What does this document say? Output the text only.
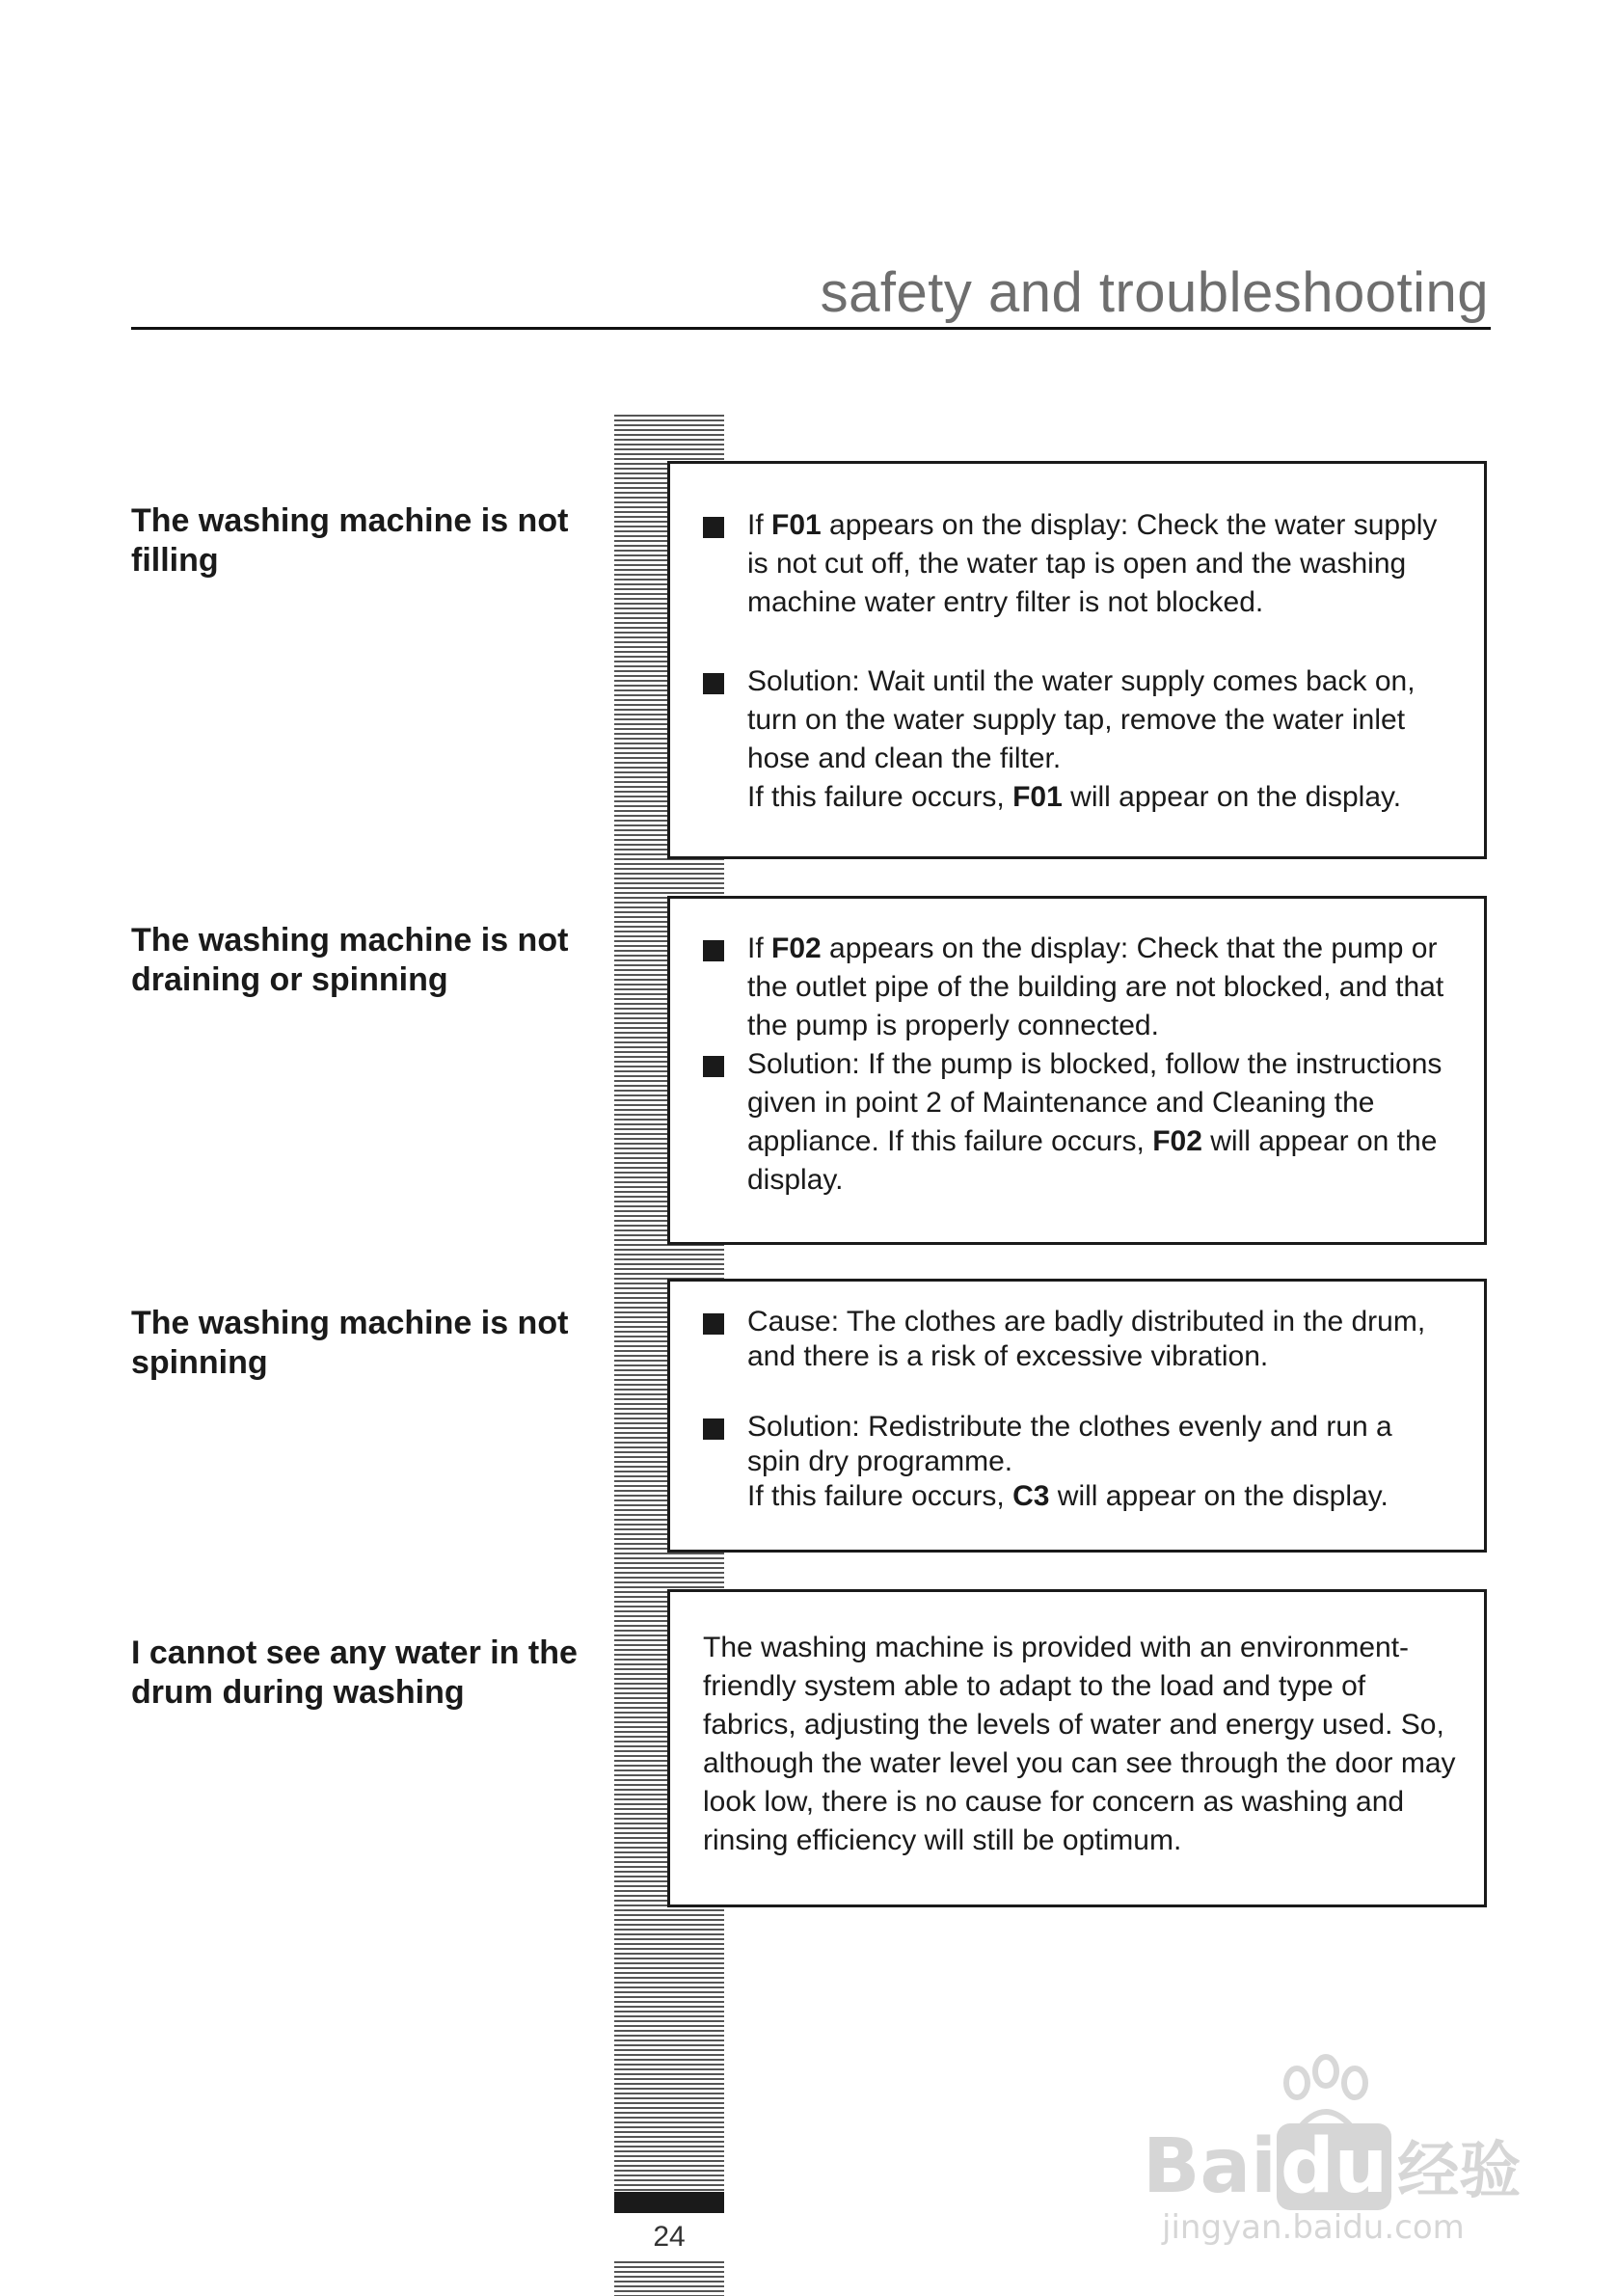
safety and troubleshooting
24
The washing machine is not filling
If F01 appears on the display: Check the water supply is not cut off, the water tap is open and the washing machine water entry filter is not blocked.
Solution: Wait until the water supply comes back on, turn on the water supply tap, remove the water inlet hose and clean the filter.
If this failure occurs, F01 will appear on the display.
The washing machine is not draining or spinning
If F02 appears on the display: Check that the pump or the outlet pipe of the building are not blocked, and that the pump is properly connected.
Solution: If the pump is blocked, follow the instructions given in point 2 of Maintenance and Cleaning the appliance. If this failure occurs, F02 will appear on the display.
The washing machine is not spinning
Cause: The clothes are badly distributed in the drum, and there is a risk of excessive vibration.
Solution: Redistribute the clothes evenly and run a spin dry programme.
If this failure occurs, C3 will appear on the display.
I cannot see any water in the drum during washing
The washing machine is provided with an environment-friendly system able to adapt to the load and type of fabrics, adjusting the levels of water and energy used. So, although the water level you can see through the door may look low, there is no cause for concern as washing and rinsing efficiency will still be optimum.
Baidu 经验
jingyan.baidu.com
